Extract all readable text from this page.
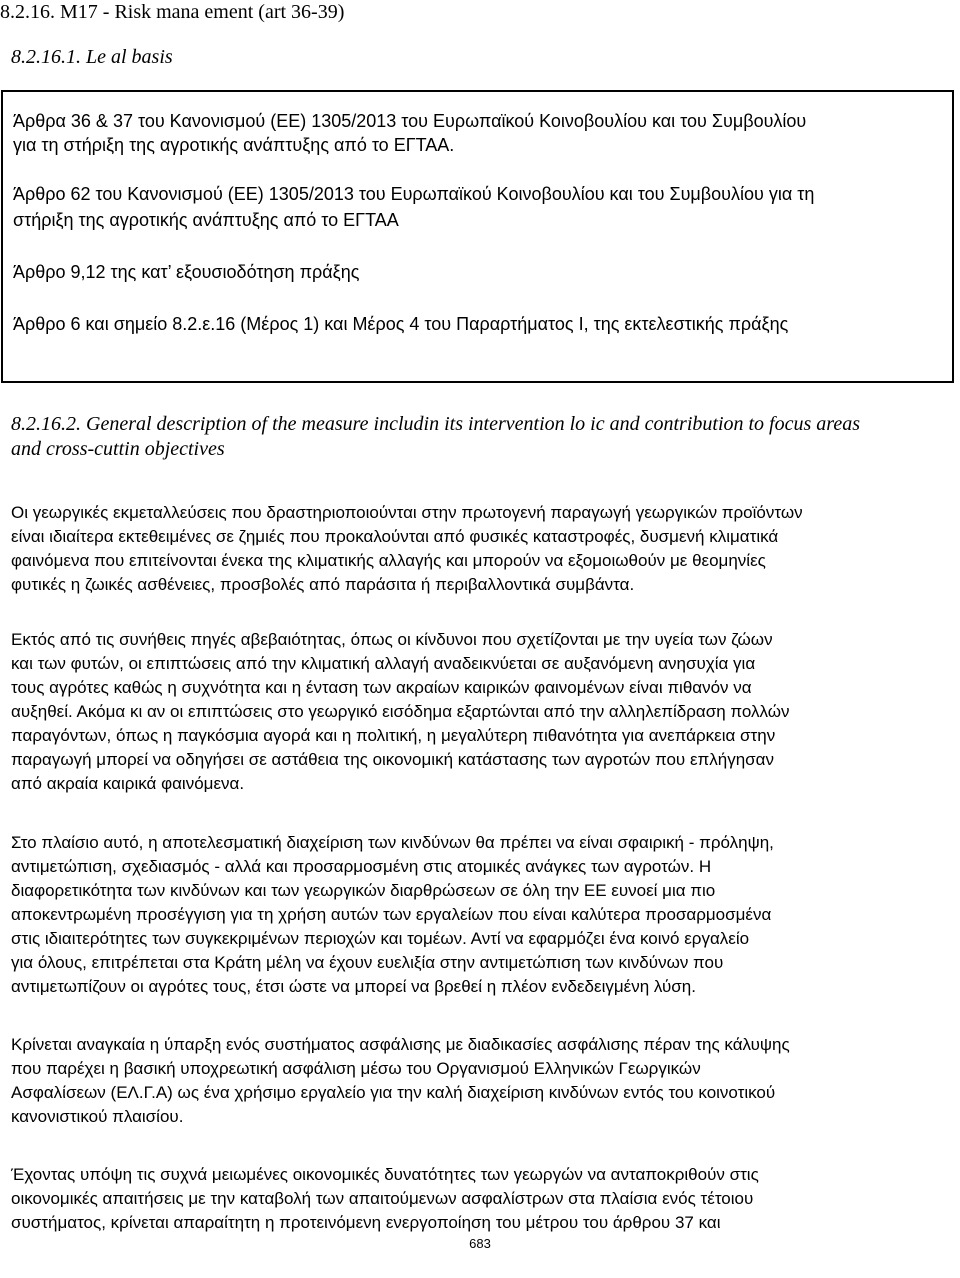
8.2.16. M17 - Risk mana ement (art 36-39)
8.2.16.1. Le al basis

Άρθρα 36 & 37 του Κανονισμού (ΕΕ) 1305/2013 του Ευρωπαϊκού Κοινοβουλίου και του Συμβουλίου

για τη στήριξη της αγροτικής ανάπτυξης από το ΕΓΤΑΑ.

Άρθρο 62 του Κανονισμού (ΕΕ) 1305/2013 του Ευρωπαϊκού Κοινοβουλίου και του Συμβουλίου για τη

στήριξη της αγροτικής ανάπτυξης από το ΕΓΤΑΑ

Άρθρο 9,12 της κατ’ εξουσιοδότηση πράξης

Άρθρο 6 και σημείο 8.2.ε.16 (Μέρος 1) και Μέρος 4 του Παραρτήματος Ι, της εκτελεστικής πράξης

8.2.16.2. General description of the measure includin its intervention lo ic and contribution to focus areas
and cross-cuttin objectives
Οι γεωργικές εκμεταλλεύσεις που δραστηριοποιούνται στην πρωτογενή παραγωγή γεωργικών προϊόντων
είναι ιδιαίτερα εκτεθειμένες σε ζημιές που προκαλούνται από φυσικές καταστροφές, δυσμενή κλιματικά
φαινόμενα που επιτείνονται ένεκα της κλιματικής αλλαγής και μπορούν να εξομοιωθούν με θεομηνίες
φυτικές η ζωικές ασθένειες, προσβολές από παράσιτα ή περιβαλλοντικά συμβάντα.
Εκτός από τις συνήθεις πηγές αβεβαιότητας, όπως οι κίνδυνοι που σχετίζονται με την υγεία των ζώων
και των φυτών, οι επιπτώσεις από την κλιματική αλλαγή αναδεικνύεται σε αυξανόμενη ανησυχία για
τους αγρότες καθώς η συχνότητα και η ένταση των ακραίων καιρικών φαινομένων είναι πιθανόν να
αυξηθεί. Ακόμα κι αν οι επιπτώσεις στο γεωργικό εισόδημα εξαρτώνται από την αλληλεπίδραση πολλών
παραγόντων, όπως η παγκόσμια αγορά και η πολιτική, η μεγαλύτερη πιθανότητα για ανεπάρκεια στην
παραγωγή μπορεί να οδηγήσει σε αστάθεια της οικονομική κατάστασης των αγροτών που επλήγησαν
από ακραία καιρικά φαινόμενα.
Στο πλαίσιο αυτό, η αποτελεσματική διαχείριση των κινδύνων θα πρέπει να είναι σφαιρική - πρόληψη,
αντιμετώπιση, σχεδιασμός - αλλά και προσαρμοσμένη στις ατομικές ανάγκες των αγροτών. Η
διαφορετικότητα των κινδύνων και των γεωργικών διαρθρώσεων σε όλη την ΕΕ ευνοεί μια πιο
αποκεντρωμένη προσέγγιση για τη χρήση αυτών των εργαλείων που είναι καλύτερα προσαρμοσμένα
στις ιδιαιτερότητες των συγκεκριμένων περιοχών και τομέων. Αντί να εφαρμόζει ένα κοινό εργαλείο
για όλους, επιτρέπεται στα Κράτη μέλη να έχουν ευελιξία στην αντιμετώπιση των κινδύνων που
αντιμετωπίζουν οι αγρότες τους, έτσι ώστε να μπορεί να βρεθεί η πλέον ενδεδειγμένη λύση.
Κρίνεται αναγκαία η ύπαρξη ενός συστήματος ασφάλισης με διαδικασίες ασφάλισης πέραν της κάλυψης
που παρέχει η βασική υποχρεωτική ασφάλιση μέσω του Οργανισμού Ελληνικών Γεωργικών
Ασφαλίσεων (ΕΛ.Γ.Α) ως ένα χρήσιμο εργαλείο για την καλή διαχείριση κινδύνων εντός του κοινοτικού
κανονιστικού πλαισίου.
Έχοντας υπόψη τις συχνά μειωμένες οικονομικές δυνατότητες των γεωργών να ανταποκριθούν στις
οικονομικές απαιτήσεις με την καταβολή των απαιτούμενων ασφαλίστρων στα πλαίσια ενός τέτοιου
συστήματος, κρίνεται απαραίτητη η προτεινόμενη ενεργοποίηση του μέτρου του άρθρου 37 και
683
